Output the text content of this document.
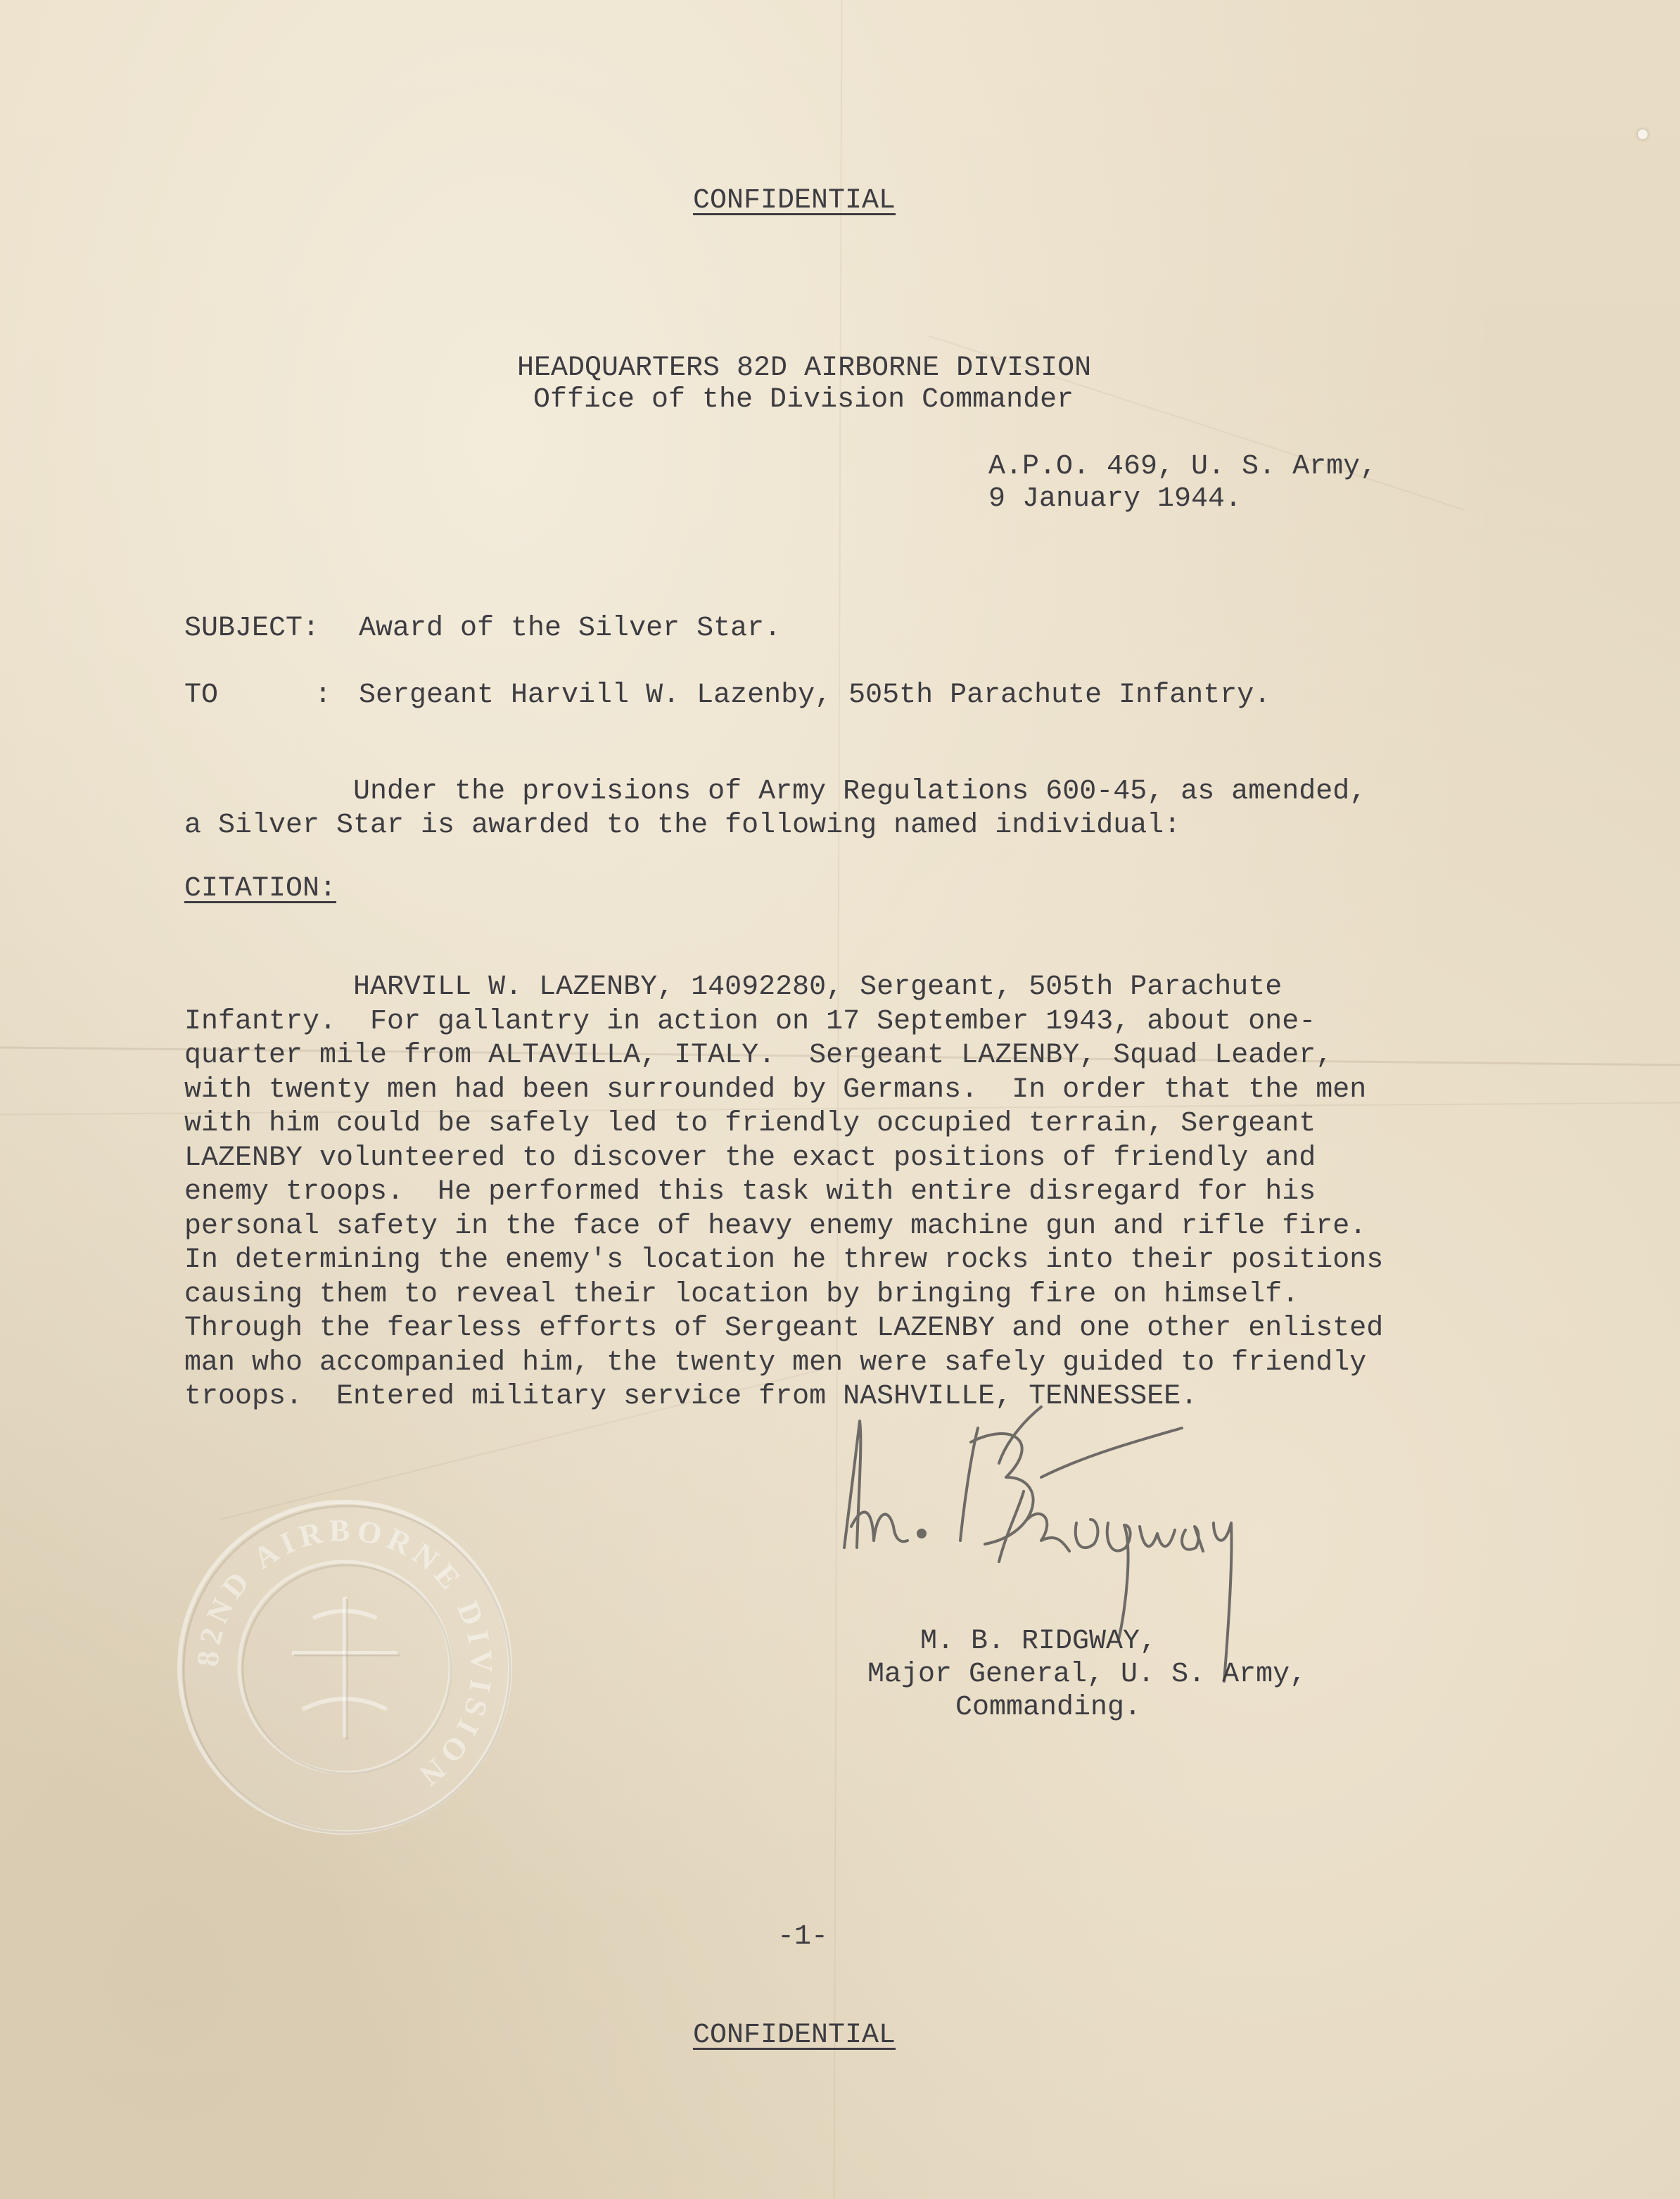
CONFIDENTIAL
HEADQUARTERS 82D AIRBORNE DIVISION
Office of the Division Commander
A.P.O. 469, U. S. Army,
9 January 1944.
SUBJECT: Award of the Silver Star.
TO	: Sergeant Harvill W. Lazenby, 505th Parachute Infantry.
Under the provisions of Army Regulations 600-45, as amended,
a Silver Star is awarded to the following named individual:
CITATION:
HARVILL W. LAZENBY, 14092280, Sergeant, 505th Parachute
Infantry.  For gallantry in action on 17 September 1943, about one-
quarter mile from ALTAVILLA, ITALY.  Sergeant LAZENBY, Squad Leader,
with twenty men had been surrounded by Germans.  In order that the men
with him could be safely led to friendly occupied terrain, Sergeant
LAZENBY volunteered to discover the exact positions of friendly and
enemy troops.  He performed this task with entire disregard for his
personal safety in the face of heavy enemy machine gun and rifle fire.
In determining the enemy's location he threw rocks into their positions
causing them to reveal their location by bringing fire on himself.
Through the fearless efforts of Sergeant LAZENBY and one other enlisted
man who accompanied him, the twenty men were safely guided to friendly
troops.  Entered military service from NASHVILLE, TENNESSEE.
82ND AIRBORNE DIVISION
M. B. RIDGWAY,
Major General, U. S. Army,
Commanding.
-1-
CONFIDENTIAL
